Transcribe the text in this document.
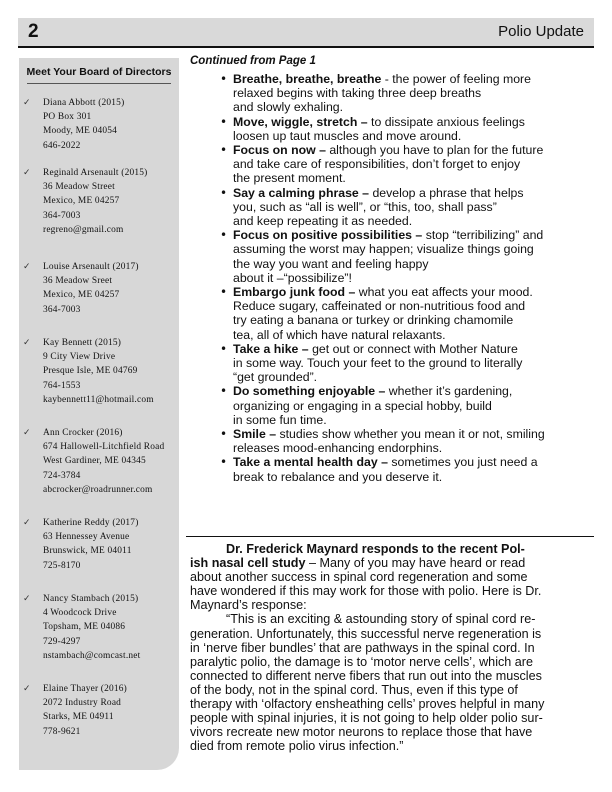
2	Polio Update
Meet Your Board of Directors
✓ Diana Abbott (2015)
PO Box 301
Moody, ME 04054
646-2022
✓ Reginald Arsenault (2015)
36 Meadow Street
Mexico, ME 04257
364-7003
regreno@gmail.com
✓ Louise Arsenault (2017)
36 Meadow Sreet
Mexico, ME 04257
364-7003
✓ Kay Bennett (2015)
9 City View Drive
Presque Isle, ME 04769
764-1553
kaybennett11@hotmail.com
✓ Ann Crocker (2016)
674 Hallowell-Litchfield Road
West Gardiner, ME 04345
724-3784
abcrocker@roadrunner.com
✓ Katherine Reddy (2017)
63 Hennessey Avenue
Brunswick, ME 04011
725-8170
✓ Nancy Stambach (2015)
4 Woodcock Drive
Topsham, ME 04086
729-4297
nstambach@comcast.net
✓ Elaine Thayer (2016)
2072 Industry Road
Starks, ME 04911
778-9621
Continued from Page 1
• Breathe, breathe, breathe - the power of feeling more
relaxed begins with taking three deep breaths
and slowly exhaling.
• Move, wiggle, stretch – to dissipate anxious feelings
loosen up taut muscles and move around.
• Focus on now – although you have to plan for the future
and take care of responsibilities, don’t forget to enjoy
the present moment.
• Say a calming phrase – develop a phrase that helps
you, such as “all is well”, or “this, too, shall pass”
and keep repeating it as needed.
• Focus on positive possibilities – stop “terribilizing” and
assuming the worst may happen; visualize things going
the way you want and feeling happy
about it –“possibilize”!
• Embargo junk food – what you eat affects your mood.
Reduce sugary, caffeinated or non-nutritious food and
try eating a banana or turkey or drinking chamomile
tea, all of which have natural relaxants.
• Take a hike – get out or connect with Mother Nature
in some way. Touch your feet to the ground to literally
“get grounded”.
• Do something enjoyable – whether it’s gardening,
organizing or engaging in a special hobby, build
in some fun time.
• Smile – studies show whether you mean it or not, smiling
releases mood-enhancing endorphins.
• Take a mental health day – sometimes you just need a
break to rebalance and you deserve it.

Dr. Frederick Maynard responds to the recent Pol-
ish nasal cell study – Many of you may have heard or read

about another success in spinal cord regeneration and some
have wondered if this may work for those with polio. Here is Dr.
Maynard’s response:

“This is an exciting & astounding story of spinal cord re-
generation. Unfortunately, this successful nerve regeneration is
in ‘nerve fiber bundles’ that are pathways in the spinal cord. In
paralytic polio, the damage is to ‘motor nerve cells’, which are
connected to different nerve fibers that run out into the muscles
of the body, not in the spinal cord. Thus, even if this type of
therapy with ‘olfactory ensheathing cells’ proves helpful in many
people with spinal injuries, it is not going to help older polio sur-
vivors recreate new motor neurons to replace those that have
died from remote polio virus infection.”
